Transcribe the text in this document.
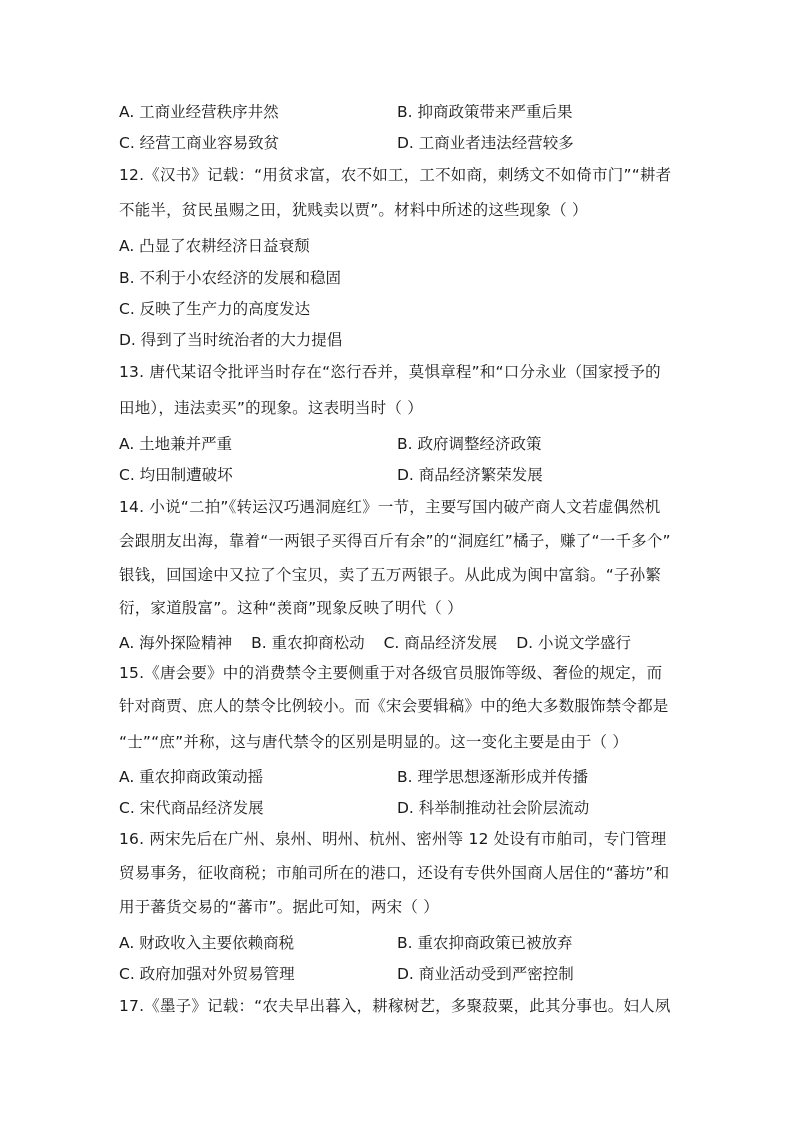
A. 工商业经营秩序井然	B. 抑商政策带来严重后果
C. 经营工商业容易致贫	D. 工商业者违法经营较多
12.《汉书》记载：“用贫求富，农不如工，工不如商，刺绣文不如倚市门”“耕者
不能半，贫民虽赐之田，犹贱卖以贾”。材料中所述的这些现象（ ）
A. 凸显了农耕经济日益衰颓
B. 不利于小农经济的发展和稳固
C. 反映了生产力的高度发达
D. 得到了当时统治者的大力提倡
13. 唐代某诏令批评当时存在“恣行吞并，莫惧章程”和“口分永业（国家授予的
田地），违法卖买”的现象。这表明当时（ ）
A. 土地兼并严重	B. 政府调整经济政策
C. 均田制遭破坏	D. 商品经济繁荣发展
14. 小说“二拍”《转运汉巧遇洞庭红》一节，主要写国内破产商人文若虚偶然机
会跟朋友出海，靠着“一两银子买得百斤有余”的“洞庭红”橘子，赚了“一千多个”
银钱，回国途中又拉了个宝贝，卖了五万两银子。从此成为闽中富翁。“子孙繁
衍，家道殷富”。这种“羡商”现象反映了明代（ ）
A. 海外探险精神 B. 重农抑商松动 C. 商品经济发展 D. 小说文学盛行
15.《唐会要》中的消费禁令主要侧重于对各级官员服饰等级、奢俭的规定，而
针对商贾、庶人的禁令比例较小。而《宋会要辑稿》中的绝大多数服饰禁令都是
“士”“庶”并称，这与唐代禁令的区别是明显的。这一变化主要是由于（ ）
A. 重农抑商政策动摇	B. 理学思想逐渐形成并传播
C. 宋代商品经济发展	D. 科举制推动社会阶层流动
16. 两宋先后在广州、泉州、明州、杭州、密州等 12 处设有市舶司，专门管理
贸易事务，征收商税；市舶司所在的港口，还设有专供外国商人居住的“蕃坊”和
用于蕃货交易的“蕃市”。据此可知，两宋（ ）
A. 财政收入主要依赖商税	B. 重农抑商政策已被放弃
C. 政府加强对外贸易管理	D. 商业活动受到严密控制
17.《墨子》记载：“农夫早出暮入，耕稼树艺，多聚菽粟，此其分事也。妇人夙
